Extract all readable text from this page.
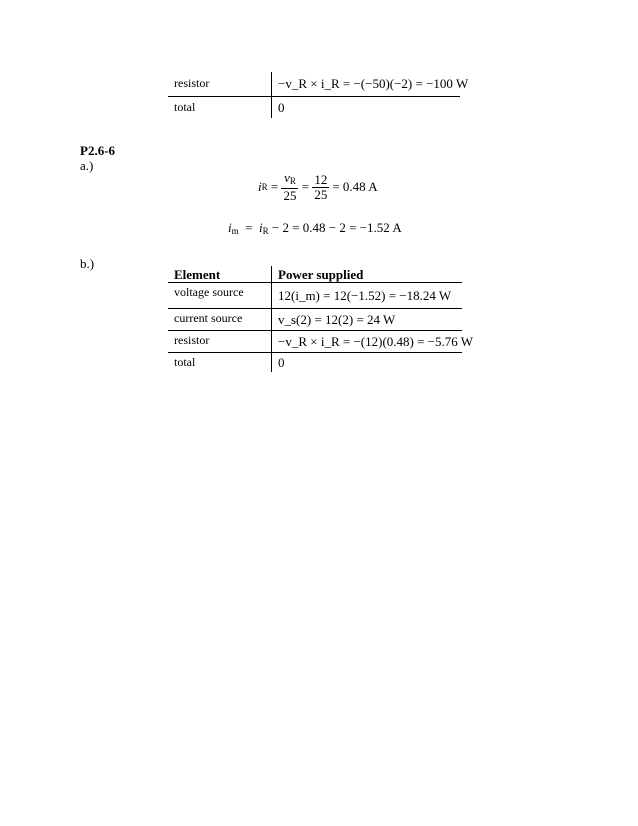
resistor	−v_R × i_R = −(−50)(−2) = −100 W
total	0
P2.6-6
a.)
i $R = \frac{v_R}{25} = \frac{12}{25} = 0.48$ A
$i_m = i_R - 2 = 0.48 - 2 = -1.52$ A
b.)
Element	Power supplied
voltage source	12(i_m) = 12(−1.52) = −18.24 W
current source	v_s(2) = 12(2) = 24 W
resistor	−v_R × i_R = −(12)(0.48) = −5.76 W
total	0
